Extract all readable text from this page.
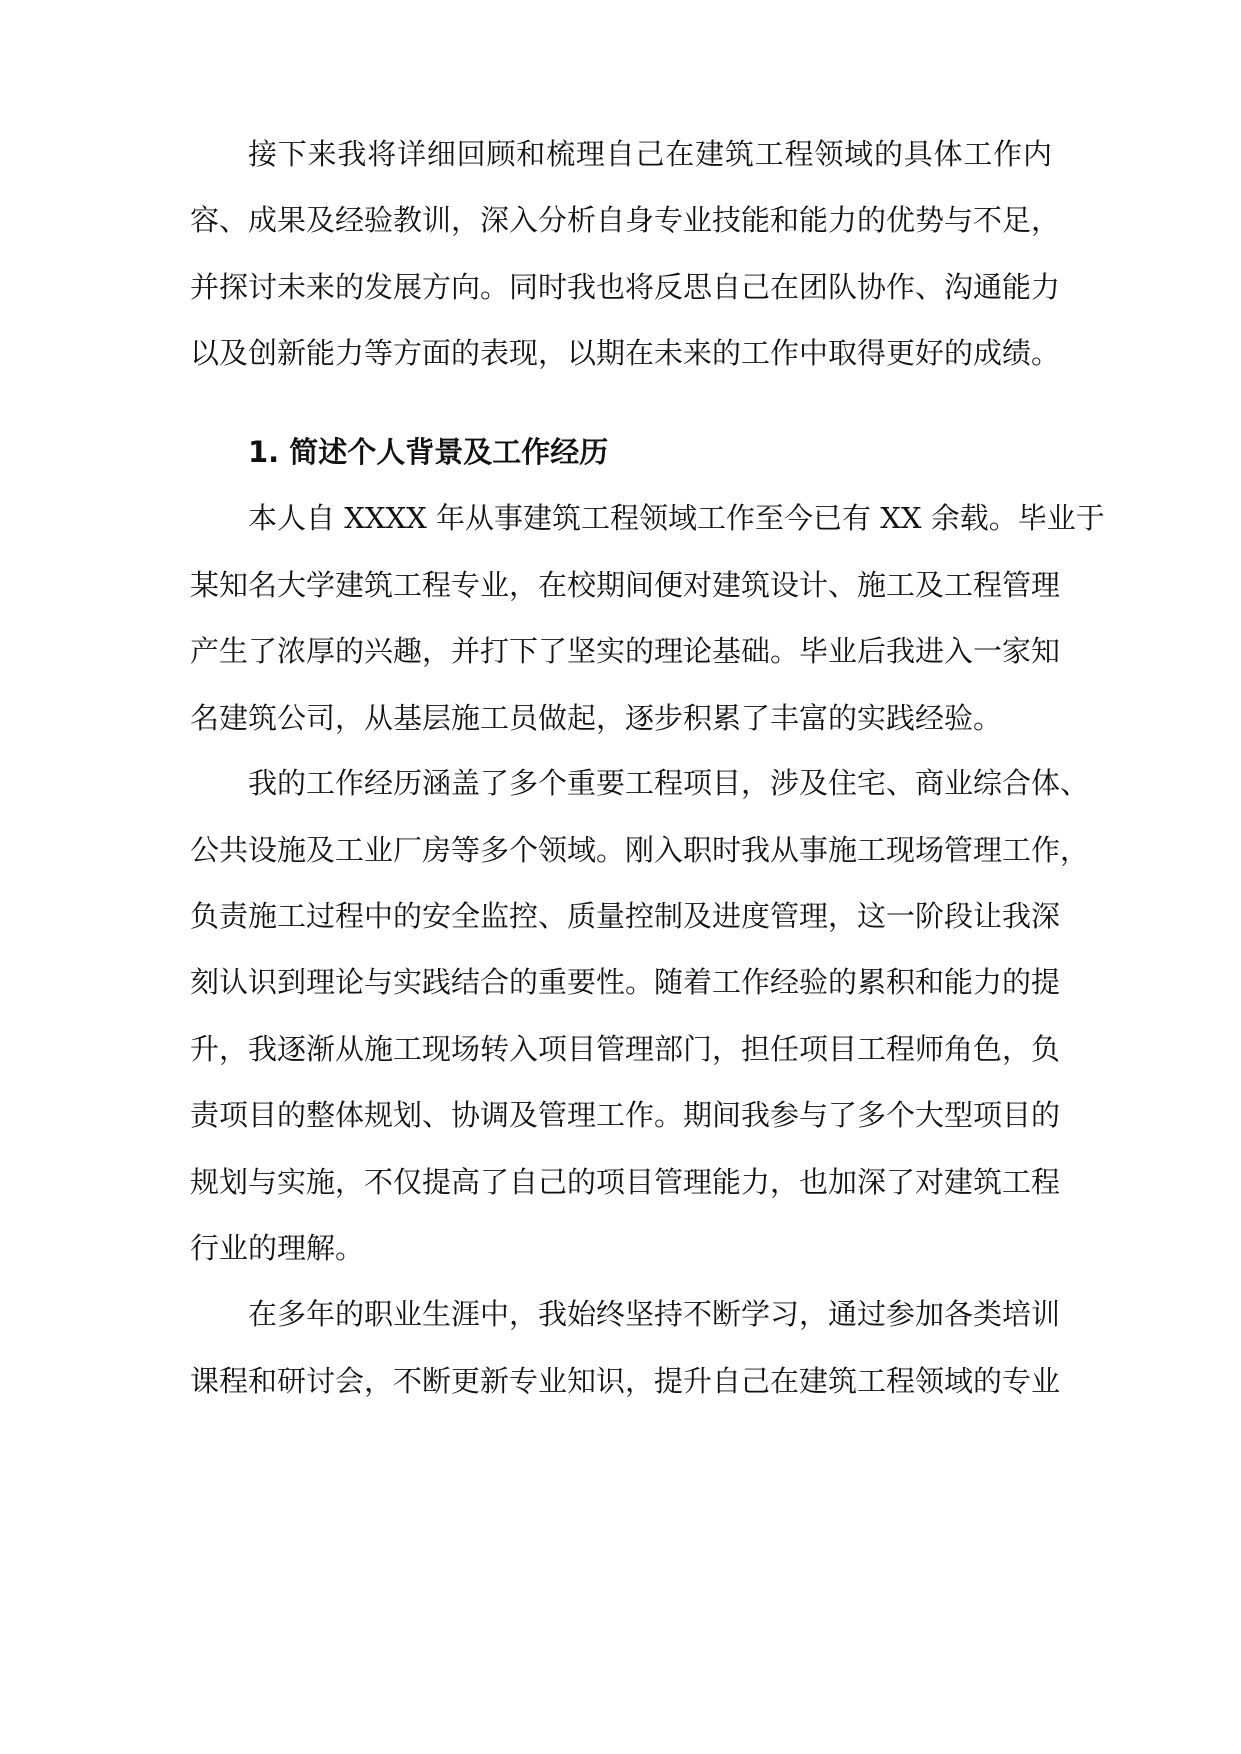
接下来我将详细回顾和梳理自己在建筑工程领域的具体工作内
容、成果及经验教训，深入分析自身专业技能和能力的优势与不足，
并探讨未来的发展方向。同时我也将反思自己在团队协作、沟通能力
以及创新能力等方面的表现，以期在未来的工作中取得更好的成绩。
1. 简述个人背景及工作经历
本人自 XXXX 年从事建筑工程领域工作至今已有 XX 余载。毕业于
某知名大学建筑工程专业，在校期间便对建筑设计、施工及工程管理
产生了浓厚的兴趣，并打下了坚实的理论基础。毕业后我进入一家知
名建筑公司，从基层施工员做起，逐步积累了丰富的实践经验。
我的工作经历涵盖了多个重要工程项目，涉及住宅、商业综合体、
公共设施及工业厂房等多个领域。刚入职时我从事施工现场管理工作，
负责施工过程中的安全监控、质量控制及进度管理，这一阶段让我深
刻认识到理论与实践结合的重要性。随着工作经验的累积和能力的提
升，我逐渐从施工现场转入项目管理部门，担任项目工程师角色，负
责项目的整体规划、协调及管理工作。期间我参与了多个大型项目的
规划与实施，不仅提高了自己的项目管理能力，也加深了对建筑工程
行业的理解。
在多年的职业生涯中，我始终坚持不断学习，通过参加各类培训
课程和研讨会，不断更新专业知识，提升自己在建筑工程领域的专业
